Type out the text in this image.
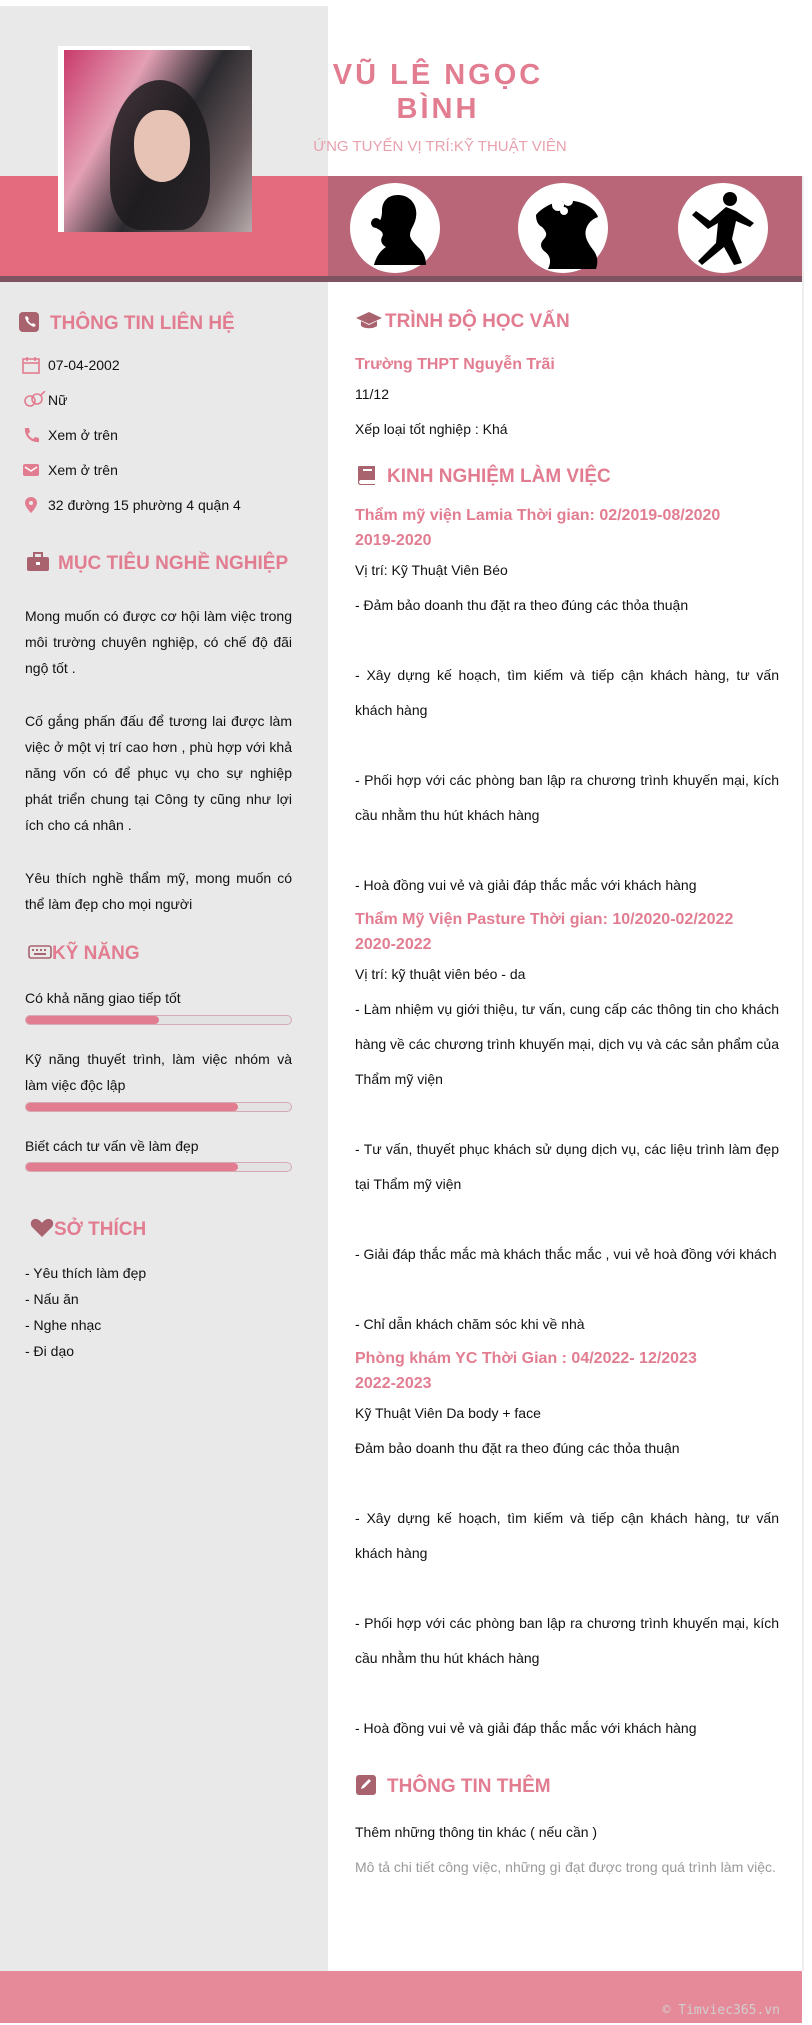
VŨ LÊ NGỌC
BÌNH
ỨNG TUYỂN VỊ TRÍ:KỸ THUẬT VIÊN
THÔNG TIN LIÊN HỆ
07-04-2002
Nữ
Xem ở trên
Xem ở trên
32 đường 15 phường 4 quận 4
MỤC TIÊU NGHỀ NGHIỆP
Mong muốn có được cơ hội làm việc trong môi trường chuyên nghiệp, có chế độ đãi ngộ tốt .
Cố gắng phấn đấu để tương lai được làm việc ở một vị trí cao hơn , phù hợp với khả năng vốn có để phục vụ cho sự nghiệp phát triển chung tại Công ty cũng như lợi ích cho cá nhân .
Yêu thích nghề thẩm mỹ, mong muốn có thể làm đẹp cho mọi người
KỸ NĂNG
Có khả năng giao tiếp tốt
Kỹ năng thuyết trình, làm việc nhóm và làm việc độc lập
Biết cách tư vấn về làm đẹp
SỞ THÍCH
- Yêu thích làm đẹp
- Nấu ăn
- Nghe nhạc
- Đi dạo
TRÌNH ĐỘ HỌC VẤN
Trường THPT Nguyễn Trãi
11/12
Xếp loại tốt nghiệp : Khá
KINH NGHIỆM LÀM VIỆC
Thẩm mỹ viện Lamia Thời gian: 02/2019-08/2020
2019-2020
Vị trí: Kỹ Thuật Viên Béo
- Đảm bảo doanh thu đặt ra theo đúng các thỏa thuận
- Xây dựng kế hoạch, tìm kiếm và tiếp cận khách hàng, tư vấn khách hàng
- Phối hợp với các phòng ban lập ra chương trình khuyến mại, kích cầu nhằm thu hút khách hàng
- Hoà đồng vui vẻ và giải đáp thắc mắc với khách hàng
Thẩm Mỹ Viện Pasture Thời gian: 10/2020-02/2022
2020-2022
Vị trí: kỹ thuật viên béo - da
- Làm nhiệm vụ giới thiệu, tư vấn, cung cấp các thông tin cho khách hàng về các chương trình khuyến mại, dịch vụ và các sản phẩm của Thẩm mỹ viện
- Tư vấn, thuyết phục khách sử dụng dịch vụ, các liệu trình làm đẹp tại Thẩm mỹ viện
- Giải đáp thắc mắc mà khách thắc mắc , vui vẻ hoà đồng với khách
- Chỉ dẫn khách chăm sóc khi về nhà
Phòng khám YC Thời Gian : 04/2022- 12/2023
2022-2023
Kỹ Thuật Viên Da body + face
Đảm bảo doanh thu đặt ra theo đúng các thỏa thuận
- Xây dựng kế hoạch, tìm kiếm và tiếp cận khách hàng, tư vấn khách hàng
- Phối hợp với các phòng ban lập ra chương trình khuyến mại, kích cầu nhằm thu hút khách hàng
- Hoà đồng vui vẻ và giải đáp thắc mắc với khách hàng
THÔNG TIN THÊM
Thêm những thông tin khác ( nếu cần )
Mô tả chi tiết công việc, những gì đạt được trong quá trình làm việc.
© Timviec365.vn
